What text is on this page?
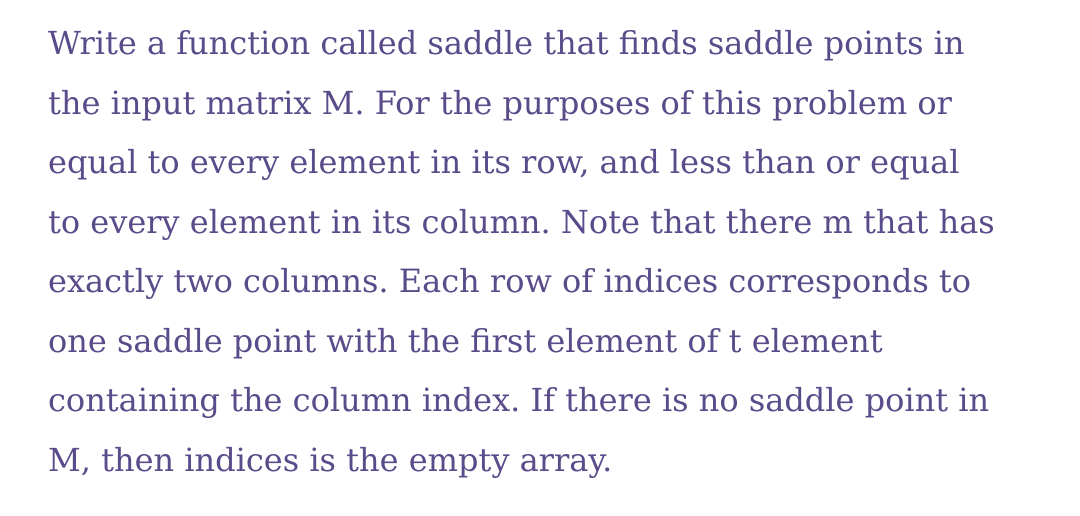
Write a function called saddle that finds saddle points in
the input matrix M. For the purposes of this problem or
equal to every element in its row, and less than or equal
to every element in its column. Note that there m that has
exactly two columns. Each row of indices corresponds to
one saddle point with the first element of t element
containing the column index. If there is no saddle point in
M, then indices is the empty array.
